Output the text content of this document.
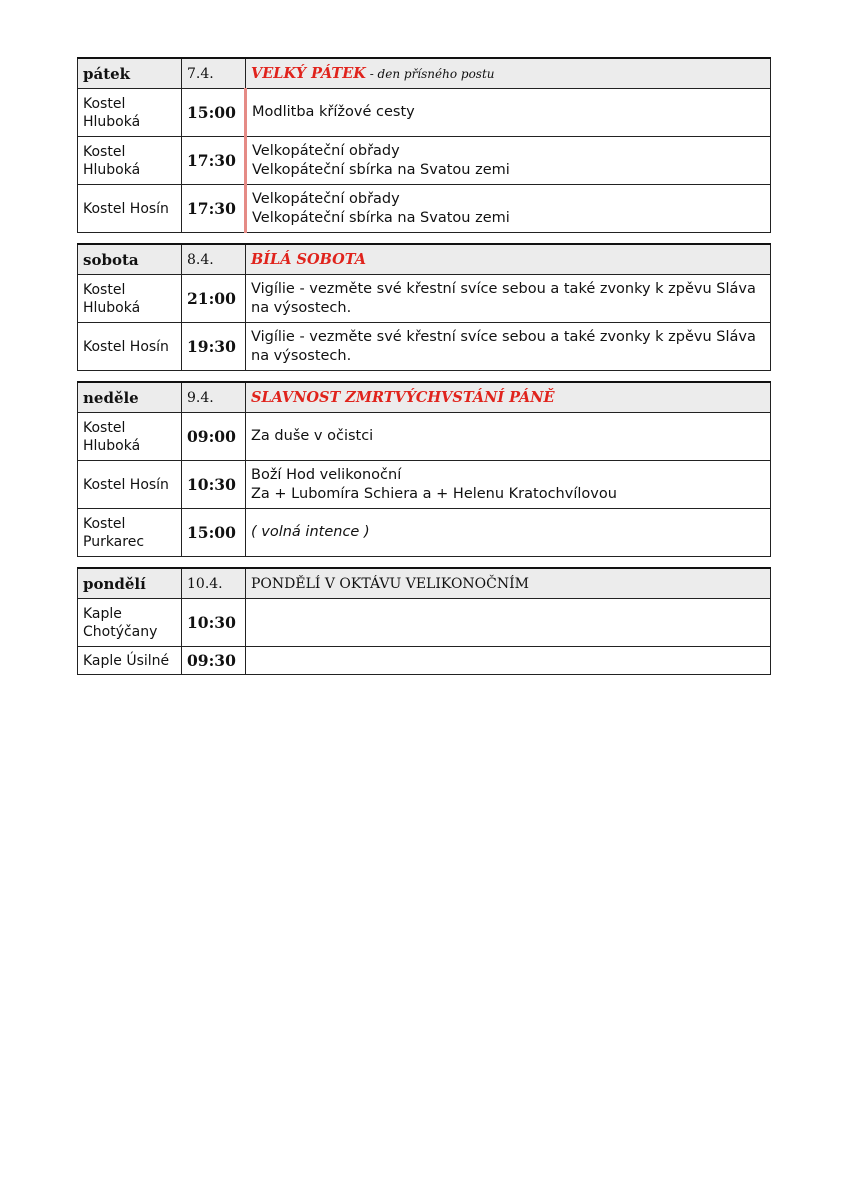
pátek	7.4.	VELKÝ PÁTEK - den přísného postu
Kostel Hluboká	15:00	Modlitba křížové cesty

Kostel Hluboká	17:30	Velkopáteční obřady
Velkopáteční sbírka na Svatou zemi

Kostel Hosín	17:30	Velkopáteční obřady
Velkopáteční sbírka na Svatou zemi
sobota	8.4.	BÍLÁ SOBOTA
Kostel Hluboká	21:00	Vigílie - vezměte své křestní svíce sebou a také zvonky k zpěvu Sláva na výsostech.

Kostel Hosín	19:30	Vigílie - vezměte své křestní svíce sebou a také zvonky k zpěvu Sláva na výsostech.
neděle	9.4.	SLAVNOST ZMRTVÝCHVSTÁNÍ PÁNĚ
Kostel Hluboká	09:00	Za duše v očistci

Kostel Hosín	10:30	Boží Hod velikonoční
Za + Lubomíra Schiera a + Helenu Kratochvílovou

Kostel Purkarec	15:00	( volná intence )
pondělí	10.4.	PONDĚLÍ V OKTÁVU VELIKONOČNÍM
Kaple Chotýčany	10:30	
Kaple Úsilné	09:30	
